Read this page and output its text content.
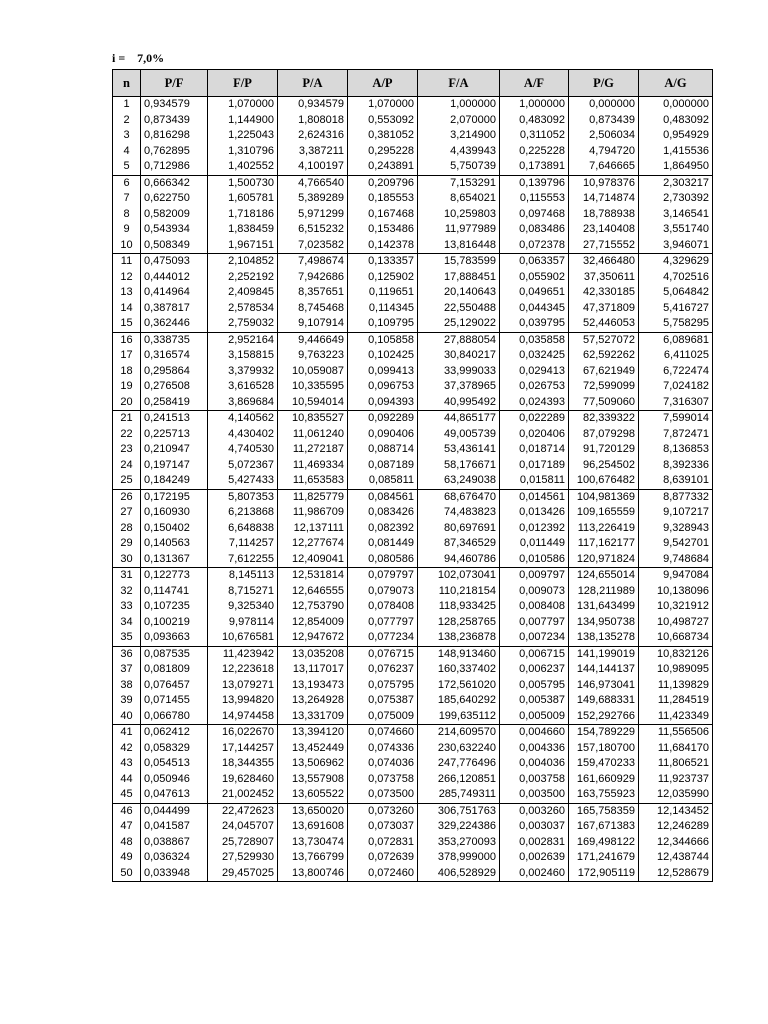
i =    7,0%
n	P/F	F/P	P/A	A/P	F/A	A/F	P/G	A/G
1	0,934579	1,070000	0,934579	1,070000	1,000000	1,000000	0,000000	0,000000
2	0,873439	1,144900	1,808018	0,553092	2,070000	0,483092	0,873439	0,483092
3	0,816298	1,225043	2,624316	0,381052	3,214900	0,311052	2,506034	0,954929
4	0,762895	1,310796	3,387211	0,295228	4,439943	0,225228	4,794720	1,415536
5	0,712986	1,402552	4,100197	0,243891	5,750739	0,173891	7,646665	1,864950
6	0,666342	1,500730	4,766540	0,209796	7,153291	0,139796	10,978376	2,303217
7	0,622750	1,605781	5,389289	0,185553	8,654021	0,115553	14,714874	2,730392
8	0,582009	1,718186	5,971299	0,167468	10,259803	0,097468	18,788938	3,146541
9	0,543934	1,838459	6,515232	0,153486	11,977989	0,083486	23,140408	3,551740
10	0,508349	1,967151	7,023582	0,142378	13,816448	0,072378	27,715552	3,946071
11	0,475093	2,104852	7,498674	0,133357	15,783599	0,063357	32,466480	4,329629
12	0,444012	2,252192	7,942686	0,125902	17,888451	0,055902	37,350611	4,702516
13	0,414964	2,409845	8,357651	0,119651	20,140643	0,049651	42,330185	5,064842
14	0,387817	2,578534	8,745468	0,114345	22,550488	0,044345	47,371809	5,416727
15	0,362446	2,759032	9,107914	0,109795	25,129022	0,039795	52,446053	5,758295
16	0,338735	2,952164	9,446649	0,105858	27,888054	0,035858	57,527072	6,089681
17	0,316574	3,158815	9,763223	0,102425	30,840217	0,032425	62,592262	6,411025
18	0,295864	3,379932	10,059087	0,099413	33,999033	0,029413	67,621949	6,722474
19	0,276508	3,616528	10,335595	0,096753	37,378965	0,026753	72,599099	7,024182
20	0,258419	3,869684	10,594014	0,094393	40,995492	0,024393	77,509060	7,316307
21	0,241513	4,140562	10,835527	0,092289	44,865177	0,022289	82,339322	7,599014
22	0,225713	4,430402	11,061240	0,090406	49,005739	0,020406	87,079298	7,872471
23	0,210947	4,740530	11,272187	0,088714	53,436141	0,018714	91,720129	8,136853
24	0,197147	5,072367	11,469334	0,087189	58,176671	0,017189	96,254502	8,392336
25	0,184249	5,427433	11,653583	0,085811	63,249038	0,015811	100,676482	8,639101
26	0,172195	5,807353	11,825779	0,084561	68,676470	0,014561	104,981369	8,877332
27	0,160930	6,213868	11,986709	0,083426	74,483823	0,013426	109,165559	9,107217
28	0,150402	6,648838	12,137111	0,082392	80,697691	0,012392	113,226419	9,328943
29	0,140563	7,114257	12,277674	0,081449	87,346529	0,011449	117,162177	9,542701
30	0,131367	7,612255	12,409041	0,080586	94,460786	0,010586	120,971824	9,748684
31	0,122773	8,145113	12,531814	0,079797	102,073041	0,009797	124,655014	9,947084
32	0,114741	8,715271	12,646555	0,079073	110,218154	0,009073	128,211989	10,138096
33	0,107235	9,325340	12,753790	0,078408	118,933425	0,008408	131,643499	10,321912
34	0,100219	9,978114	12,854009	0,077797	128,258765	0,007797	134,950738	10,498727
35	0,093663	10,676581	12,947672	0,077234	138,236878	0,007234	138,135278	10,668734
36	0,087535	11,423942	13,035208	0,076715	148,913460	0,006715	141,199019	10,832126
37	0,081809	12,223618	13,117017	0,076237	160,337402	0,006237	144,144137	10,989095
38	0,076457	13,079271	13,193473	0,075795	172,561020	0,005795	146,973041	11,139829
39	0,071455	13,994820	13,264928	0,075387	185,640292	0,005387	149,688331	11,284519
40	0,066780	14,974458	13,331709	0,075009	199,635112	0,005009	152,292766	11,423349
41	0,062412	16,022670	13,394120	0,074660	214,609570	0,004660	154,789229	11,556506
42	0,058329	17,144257	13,452449	0,074336	230,632240	0,004336	157,180700	11,684170
43	0,054513	18,344355	13,506962	0,074036	247,776496	0,004036	159,470233	11,806521
44	0,050946	19,628460	13,557908	0,073758	266,120851	0,003758	161,660929	11,923737
45	0,047613	21,002452	13,605522	0,073500	285,749311	0,003500	163,755923	12,035990
46	0,044499	22,472623	13,650020	0,073260	306,751763	0,003260	165,758359	12,143452
47	0,041587	24,045707	13,691608	0,073037	329,224386	0,003037	167,671383	12,246289
48	0,038867	25,728907	13,730474	0,072831	353,270093	0,002831	169,498122	12,344666
49	0,036324	27,529930	13,766799	0,072639	378,999000	0,002639	171,241679	12,438744
50	0,033948	29,457025	13,800746	0,072460	406,528929	0,002460	172,905119	12,528679
